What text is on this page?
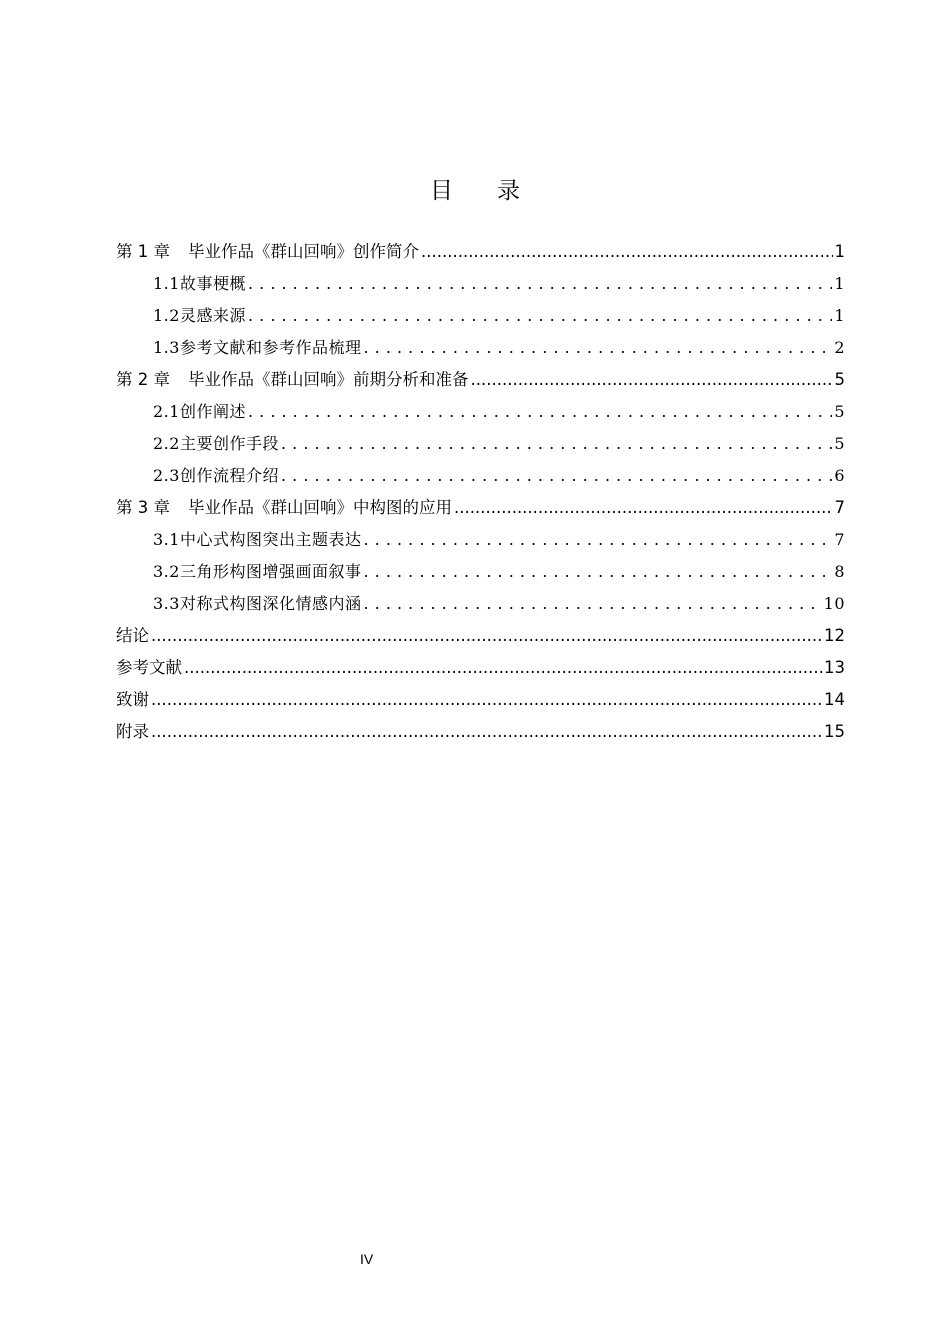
目 录
第 1 章 毕业作品《群山回响》创作简介 .....	1
1.1 故事梗概 . . .	1
1.2 灵感来源 . . .	1
1.3 参考文献和参考作品梳理 . . .	2
第 2 章 毕业作品《群山回响》前期分析和准备 .....	5
2.1 创作阐述 . . .	5
2.2 主要创作手段 . . .	5
2.3 创作流程介绍 . . .	6
第 3 章 毕业作品《群山回响》中构图的应用 .....	7
3.1 中心式构图突出主题表达 . . .	7
3.2 三角形构图增强画面叙事 . . .	8
3.3 对称式构图深化情感内涵 . . .	10
结论 .....	12
参考文献 .....	13
致谢 .....	14
附录 .....	15
IV
